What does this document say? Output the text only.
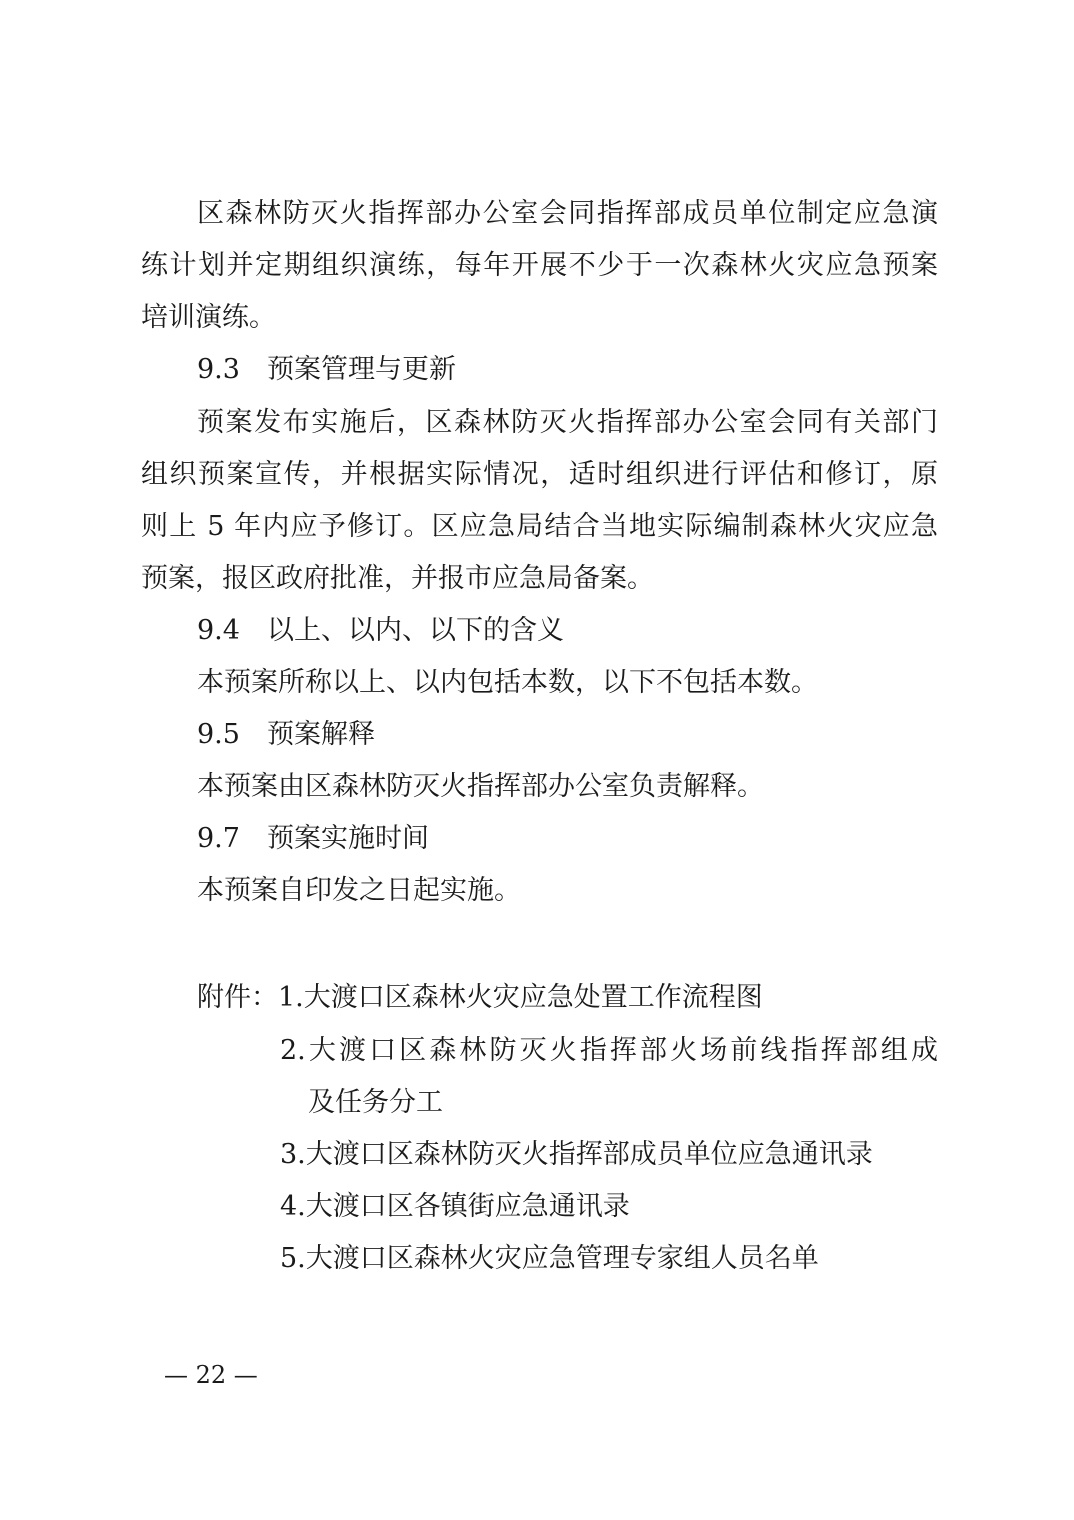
区森林防灭火指挥部办公室会同指挥部成员单位制定应急演
练计划并定期组织演练，每年开展不少于一次森林火灾应急预案
培训演练。
9.3 预案管理与更新
预案发布实施后，区森林防灭火指挥部办公室会同有关部门
组织预案宣传，并根据实际情况，适时组织进行评估和修订，原
则上 5 年内应予修订。区应急局结合当地实际编制森林火灾应急
预案，报区政府批准，并报市应急局备案。
9.4 以上、以内、以下的含义
本预案所称以上、以内包括本数，以下不包括本数。
9.5 预案解释
本预案由区森林防灭火指挥部办公室负责解释。
9.7 预案实施时间
本预案自印发之日起实施。
附件：1.大渡口区森林火灾应急处置工作流程图
2.大渡口区森林防灭火指挥部火场前线指挥部组成
及任务分工
3.大渡口区森林防灭火指挥部成员单位应急通讯录
4.大渡口区各镇街应急通讯录
5.大渡口区森林火灾应急管理专家组人员名单
— 22 —
